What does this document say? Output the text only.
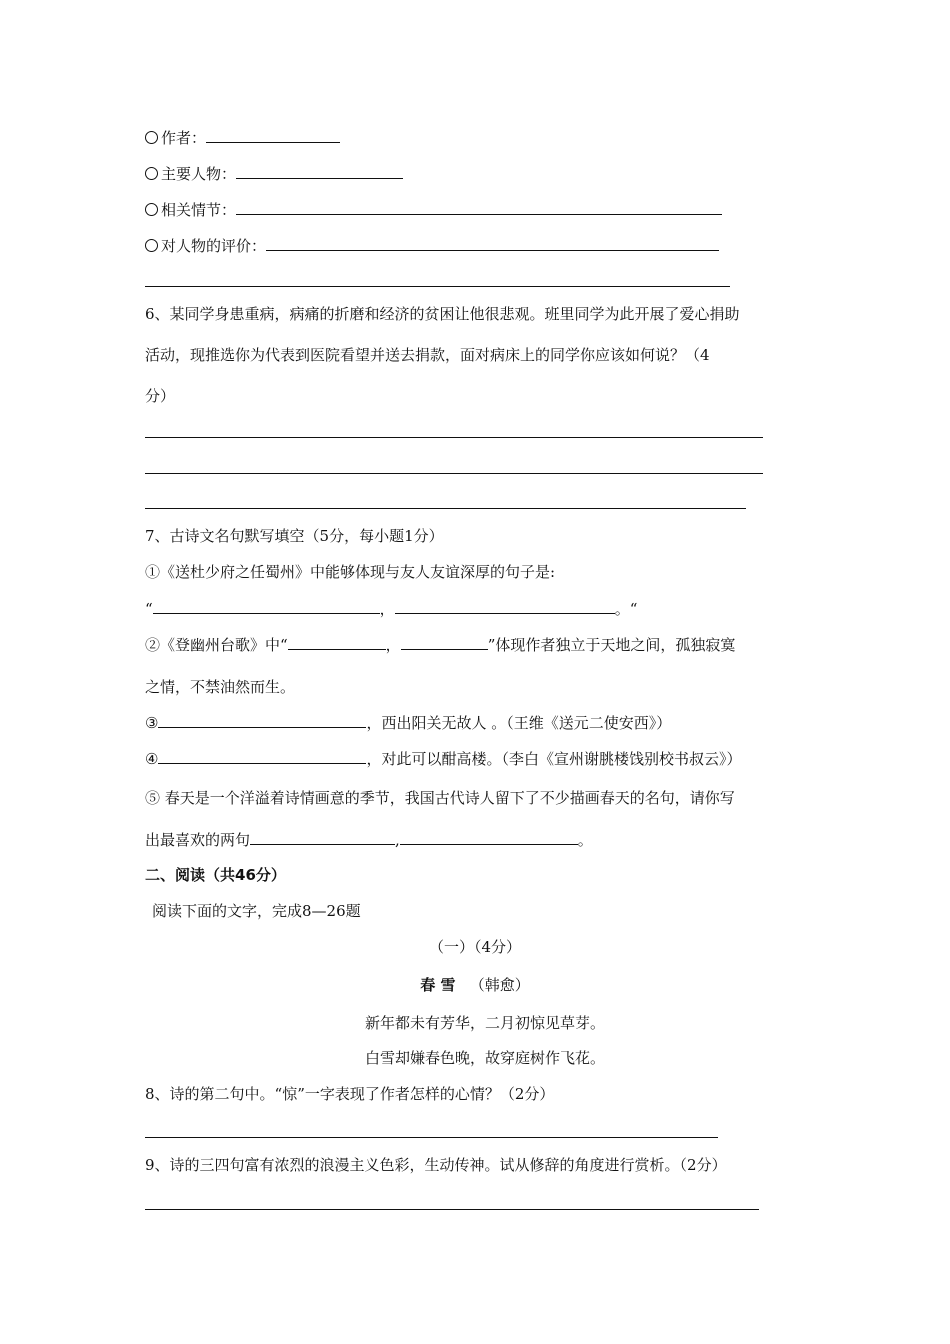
作者：
主要人物：
相关情节：
对人物的评价：
6、某同学身患重病，病痛的折磨和经济的贫困让他很悲观。班里同学为此开展了爱心捐助
活动，现推选你为代表到医院看望并送去捐款，面对病床上的同学你应该如何说？（4
分）
7、古诗文名句默写填空（5分，每小题1分）
①《送杜少府之任蜀州》中能够体现与友人友谊深厚的句子是:
“	，	。“
②《登幽州台歌》中“	，	”体现作者独立于天地之间，孤独寂寞
之情，不禁油然而生。
③	，西出阳关无故人 。（王维《送元二使安西》）
④	，对此可以酣高楼。（李白《宣州谢朓楼饯别校书叔云》）
⑤ 春天是一个洋溢着诗情画意的季节，我国古代诗人留下了不少描画春天的名句，请你写
出最喜欢的两句	,	。
二、阅读（共46分）
阅读下面的文字，完成8—26题
（一）（4分）
春 雪 （韩愈）
新年都未有芳华，二月初惊见草芽。
白雪却嫌春色晚，故穿庭树作飞花。
8、诗的第二句中。“惊”一字表现了作者怎样的心情？（2分）
9、诗的三四句富有浓烈的浪漫主义色彩，生动传神。试从修辞的角度进行赏析。（2分）
